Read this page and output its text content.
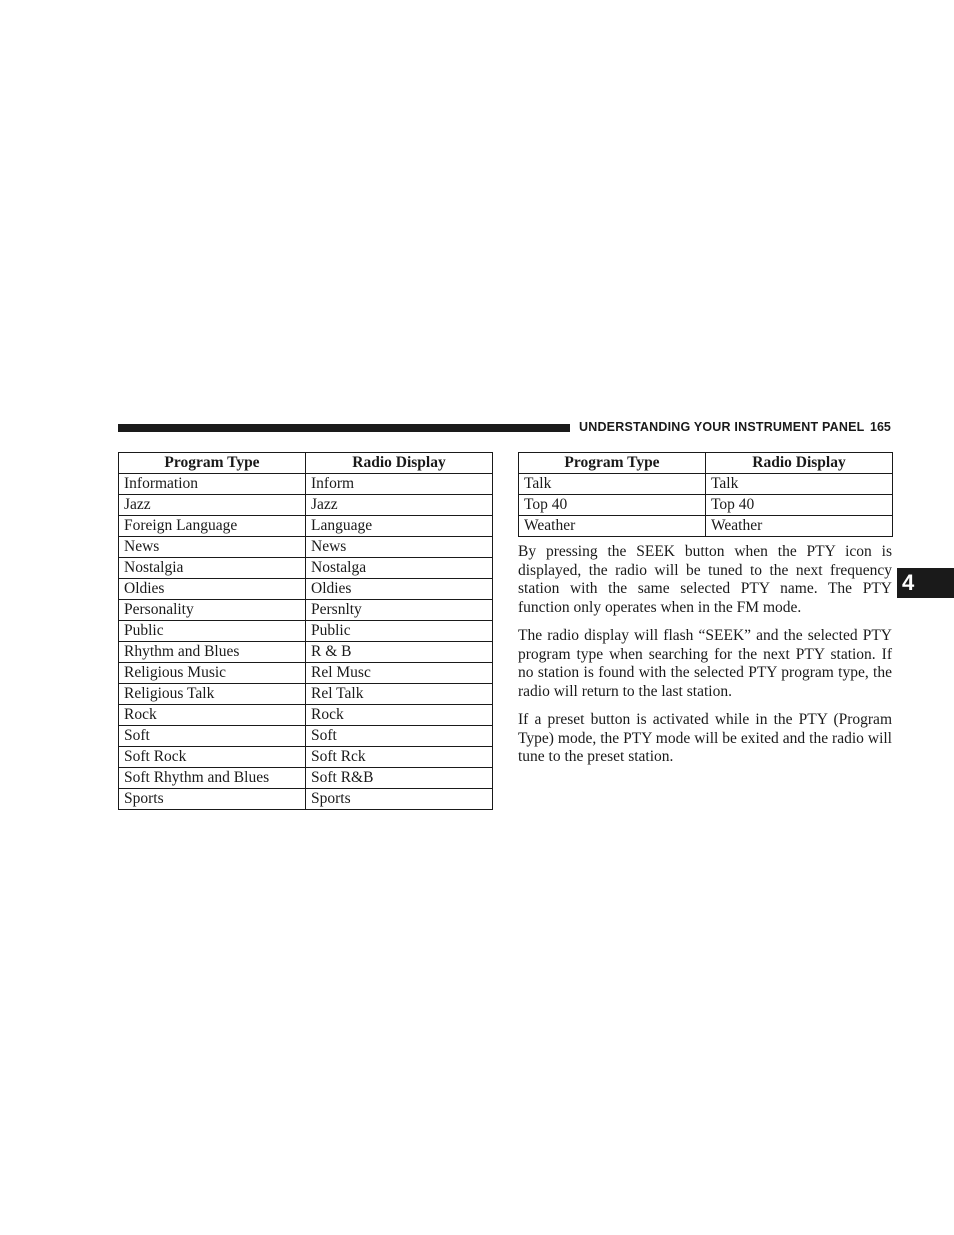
UNDERSTANDING YOUR INSTRUMENT PANEL 165
4
Program Type	Radio Display
Information	Inform
Jazz	Jazz
Foreign Language	Language
News	News
Nostalgia	Nostalga
Oldies	Oldies
Personality	Persnlty
Public	Public
Rhythm and Blues	R & B
Religious Music	Rel Musc
Religious Talk	Rel Talk
Rock	Rock
Soft	Soft
Soft Rock	Soft Rck
Soft Rhythm and Blues	Soft R&B
Sports	Sports
Program Type	Radio Display
Talk	Talk
Top 40	Top 40
Weather	Weather

By pressing the SEEK button when the PTY icon is displayed, the radio will be tuned to the next frequency station with the same selected PTY name. The PTY function only operates when in the FM mode.

The radio display will flash “SEEK” and the selected PTY program type when searching for the next PTY station. If no station is found with the selected PTY program type, the radio will return to the last station.

If a preset button is activated while in the PTY (Program Type) mode, the PTY mode will be exited and the radio will tune to the preset station.
